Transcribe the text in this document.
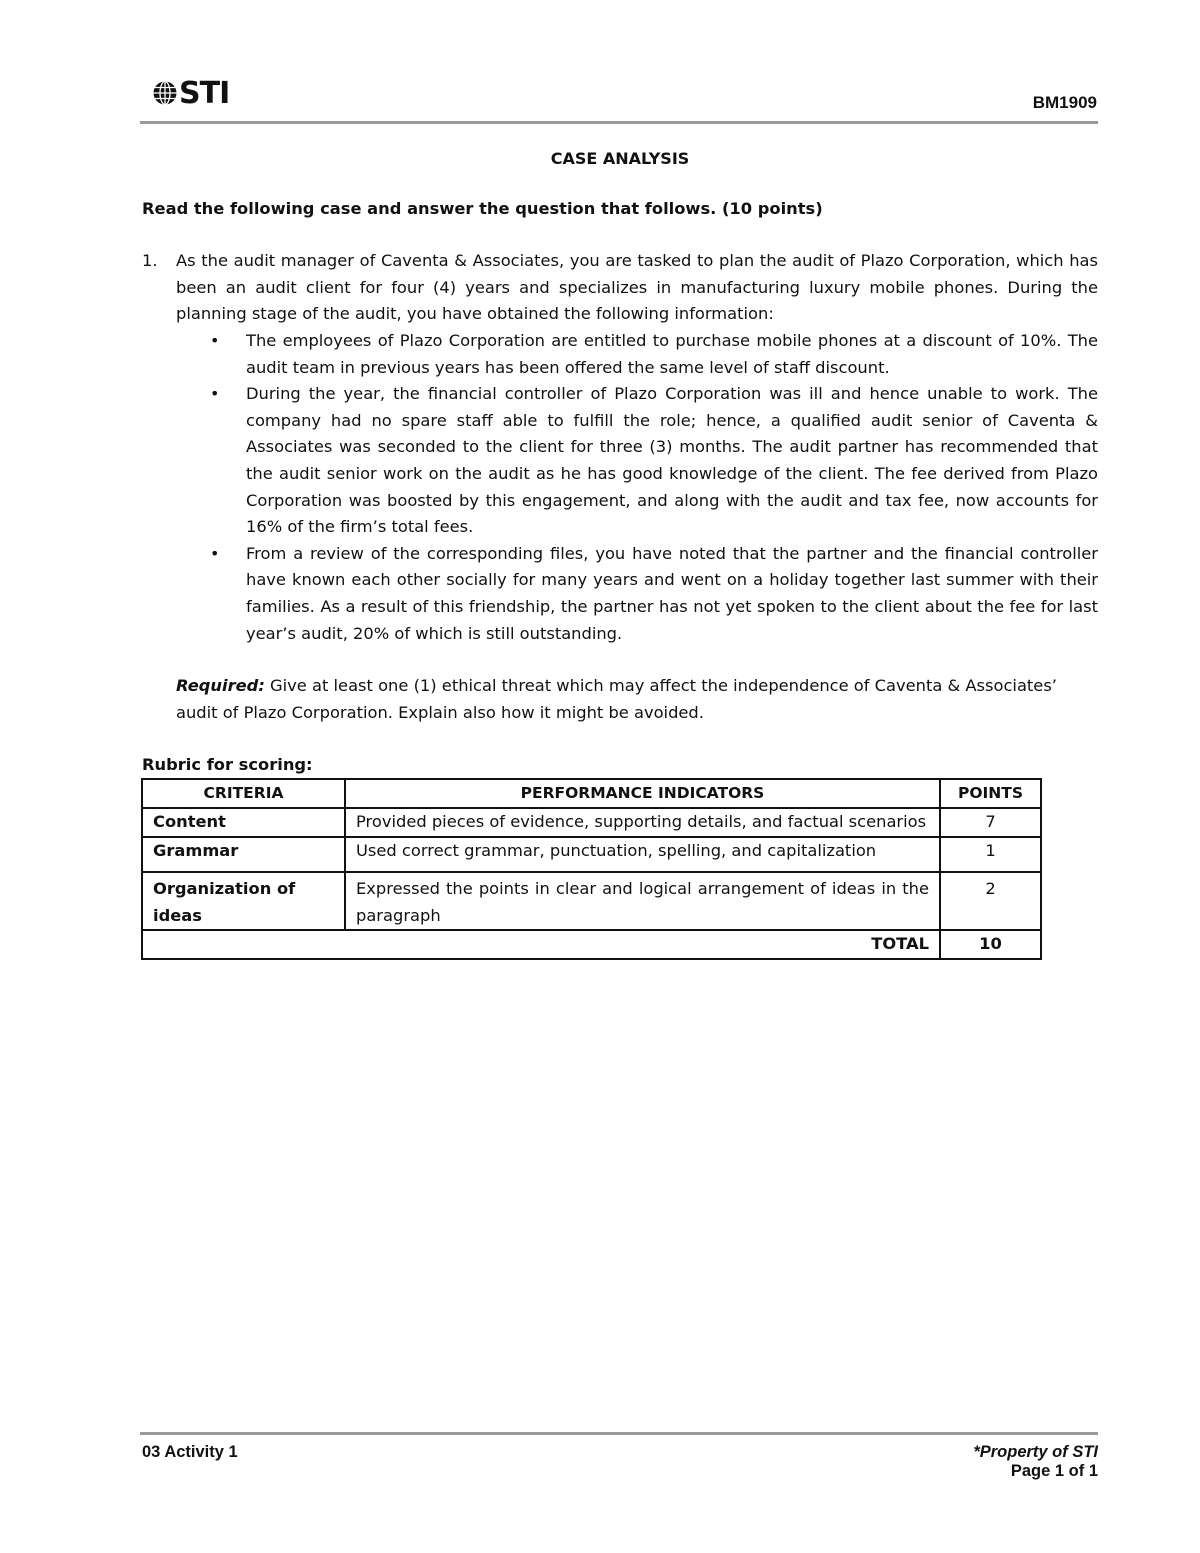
STI	BM1909
CASE ANALYSIS
Read the following case and answer the question that follows. (10 points)
1. As the audit manager of Caventa & Associates, you are tasked to plan the audit of Plazo Corporation, which has been an audit client for four (4) years and specializes in manufacturing luxury mobile phones. During the planning stage of the audit, you have obtained the following information:
• The employees of Plazo Corporation are entitled to purchase mobile phones at a discount of 10%. The audit team in previous years has been offered the same level of staff discount.
• During the year, the financial controller of Plazo Corporation was ill and hence unable to work. The company had no spare staff able to fulfill the role; hence, a qualified audit senior of Caventa & Associates was seconded to the client for three (3) months. The audit partner has recommended that the audit senior work on the audit as he has good knowledge of the client. The fee derived from Plazo Corporation was boosted by this engagement, and along with the audit and tax fee, now accounts for 16% of the firm’s total fees.
• From a review of the corresponding files, you have noted that the partner and the financial controller have known each other socially for many years and went on a holiday together last summer with their families. As a result of this friendship, the partner has not yet spoken to the client about the fee for last year’s audit, 20% of which is still outstanding.
Required: Give at least one (1) ethical threat which may affect the independence of Caventa & Associates’ audit of Plazo Corporation. Explain also how it might be avoided.
Rubric for scoring:
CRITERIA	PERFORMANCE INDICATORS	POINTS
Content	Provided pieces of evidence, supporting details, and factual scenarios	7
Grammar	Used correct grammar, punctuation, spelling, and capitalization	1
Organization of ideas	Expressed the points in clear and logical arrangement of ideas in the paragraph	2
TOTAL		10
03 Activity 1	*Property of STI
Page 1 of 1
